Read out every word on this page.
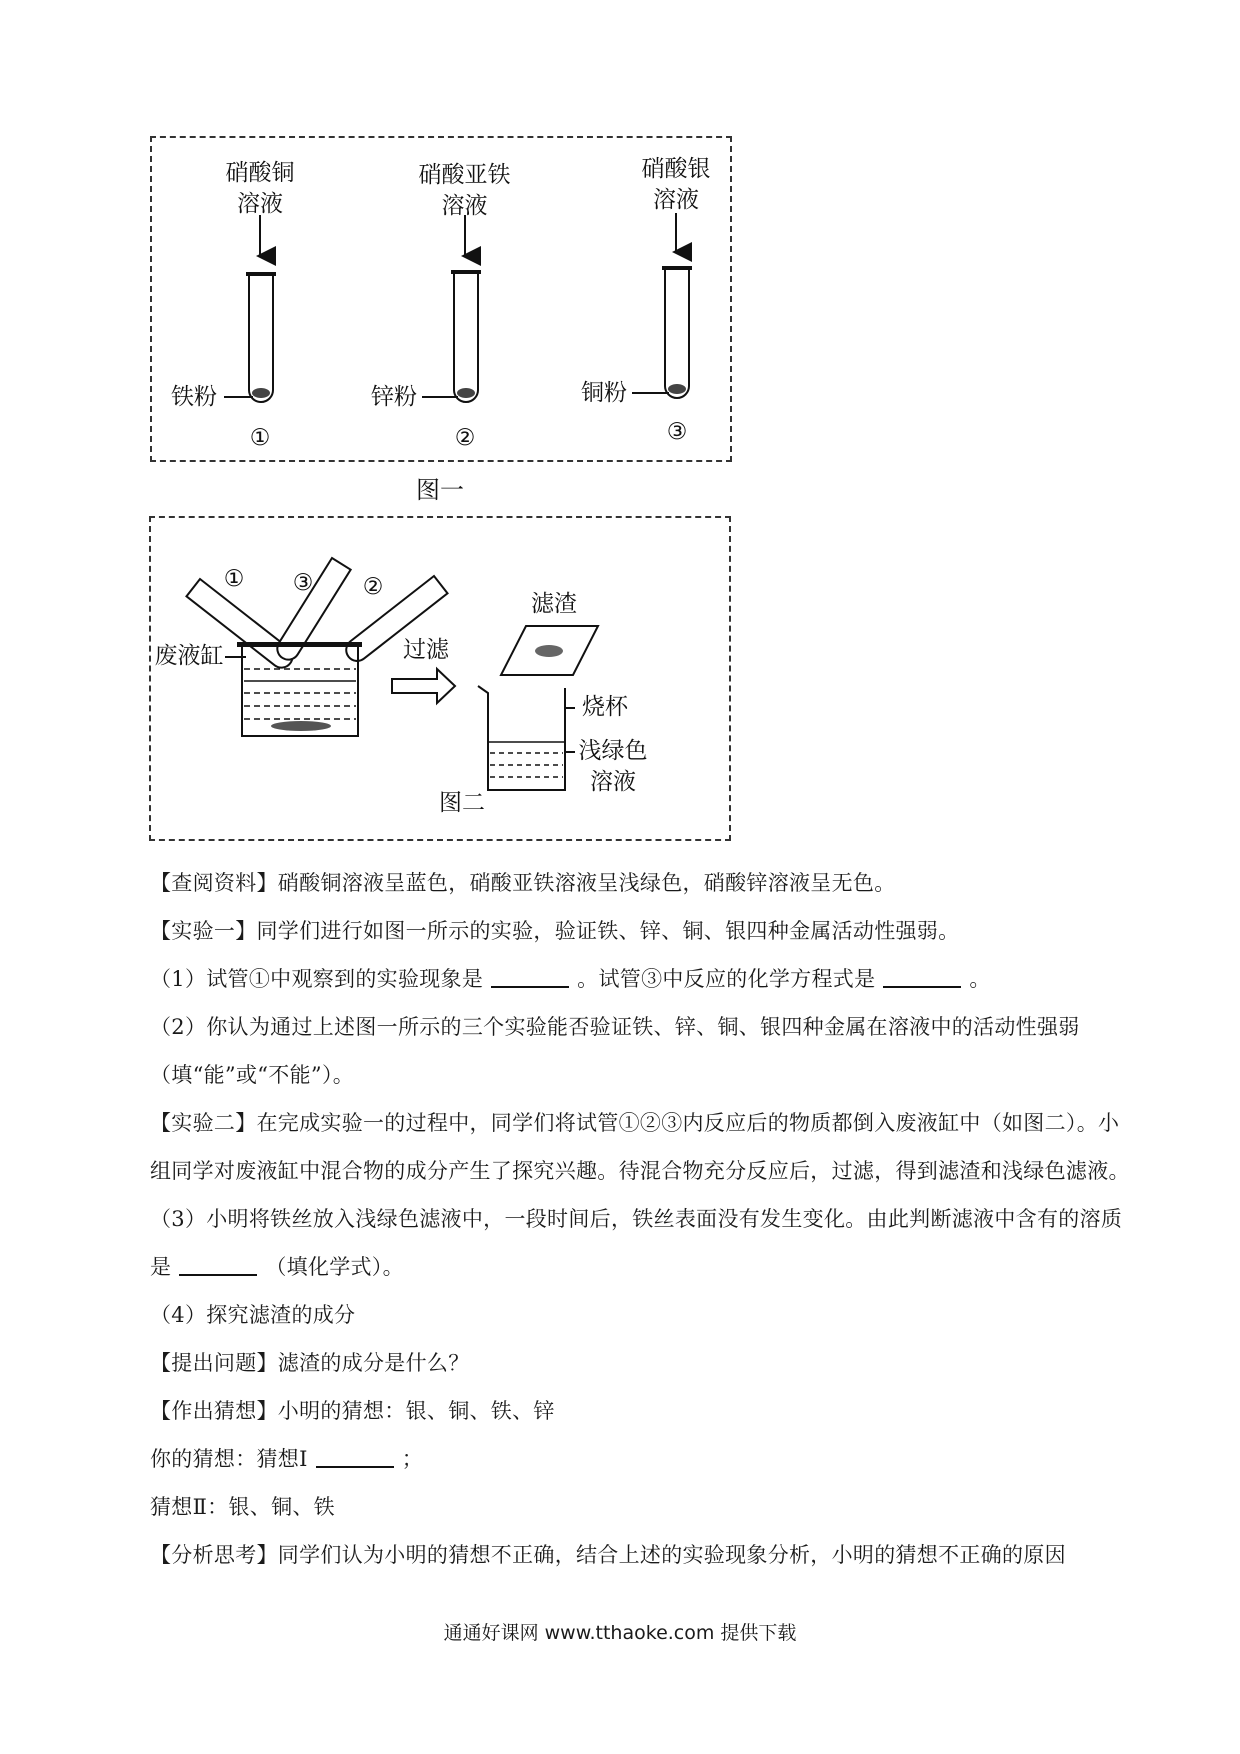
硝酸铜
溶液
硝酸亚铁
溶液
硝酸银
溶液
铁粉	锌粉	铜粉
①	②	③
图一
①	③	②
废液缸	过滤
滤渣
烧杯
浅绿色
溶液
图二
【查阅资料】硝酸铜溶液呈蓝色，硝酸亚铁溶液呈浅绿色，硝酸锌溶液呈无色。
【实验一】同学们进行如图一所示的实验，验证铁、锌、铜、银四种金属活动性强弱。
（1）试管①中观察到的实验现象是	。试管③中反应的化学方程式是	。
（2）你认为通过上述图一所示的三个实验能否验证铁、锌、铜、银四种金属在溶液中的活动性强弱
（填“能”或“不能”）。
【实验二】在完成实验一的过程中，同学们将试管①②③内反应后的物质都倒入废液缸中（如图二）。小
组同学对废液缸中混合物的成分产生了探究兴趣。待混合物充分反应后，过滤，得到滤渣和浅绿色滤液。
（3）小明将铁丝放入浅绿色滤液中，一段时间后，铁丝表面没有发生变化。由此判断滤液中含有的溶质
是	（填化学式）。
（4）探究滤渣的成分
【提出问题】滤渣的成分是什么？
【作出猜想】小明的猜想：银、铜、铁、锌
你的猜想：猜想Ⅰ	；
猜想Ⅱ：银、铜、铁
【分析思考】同学们认为小明的猜想不正确，结合上述的实验现象分析，小明的猜想不正确的原因
通通好课网 www.tthaoke.com 提供下载
